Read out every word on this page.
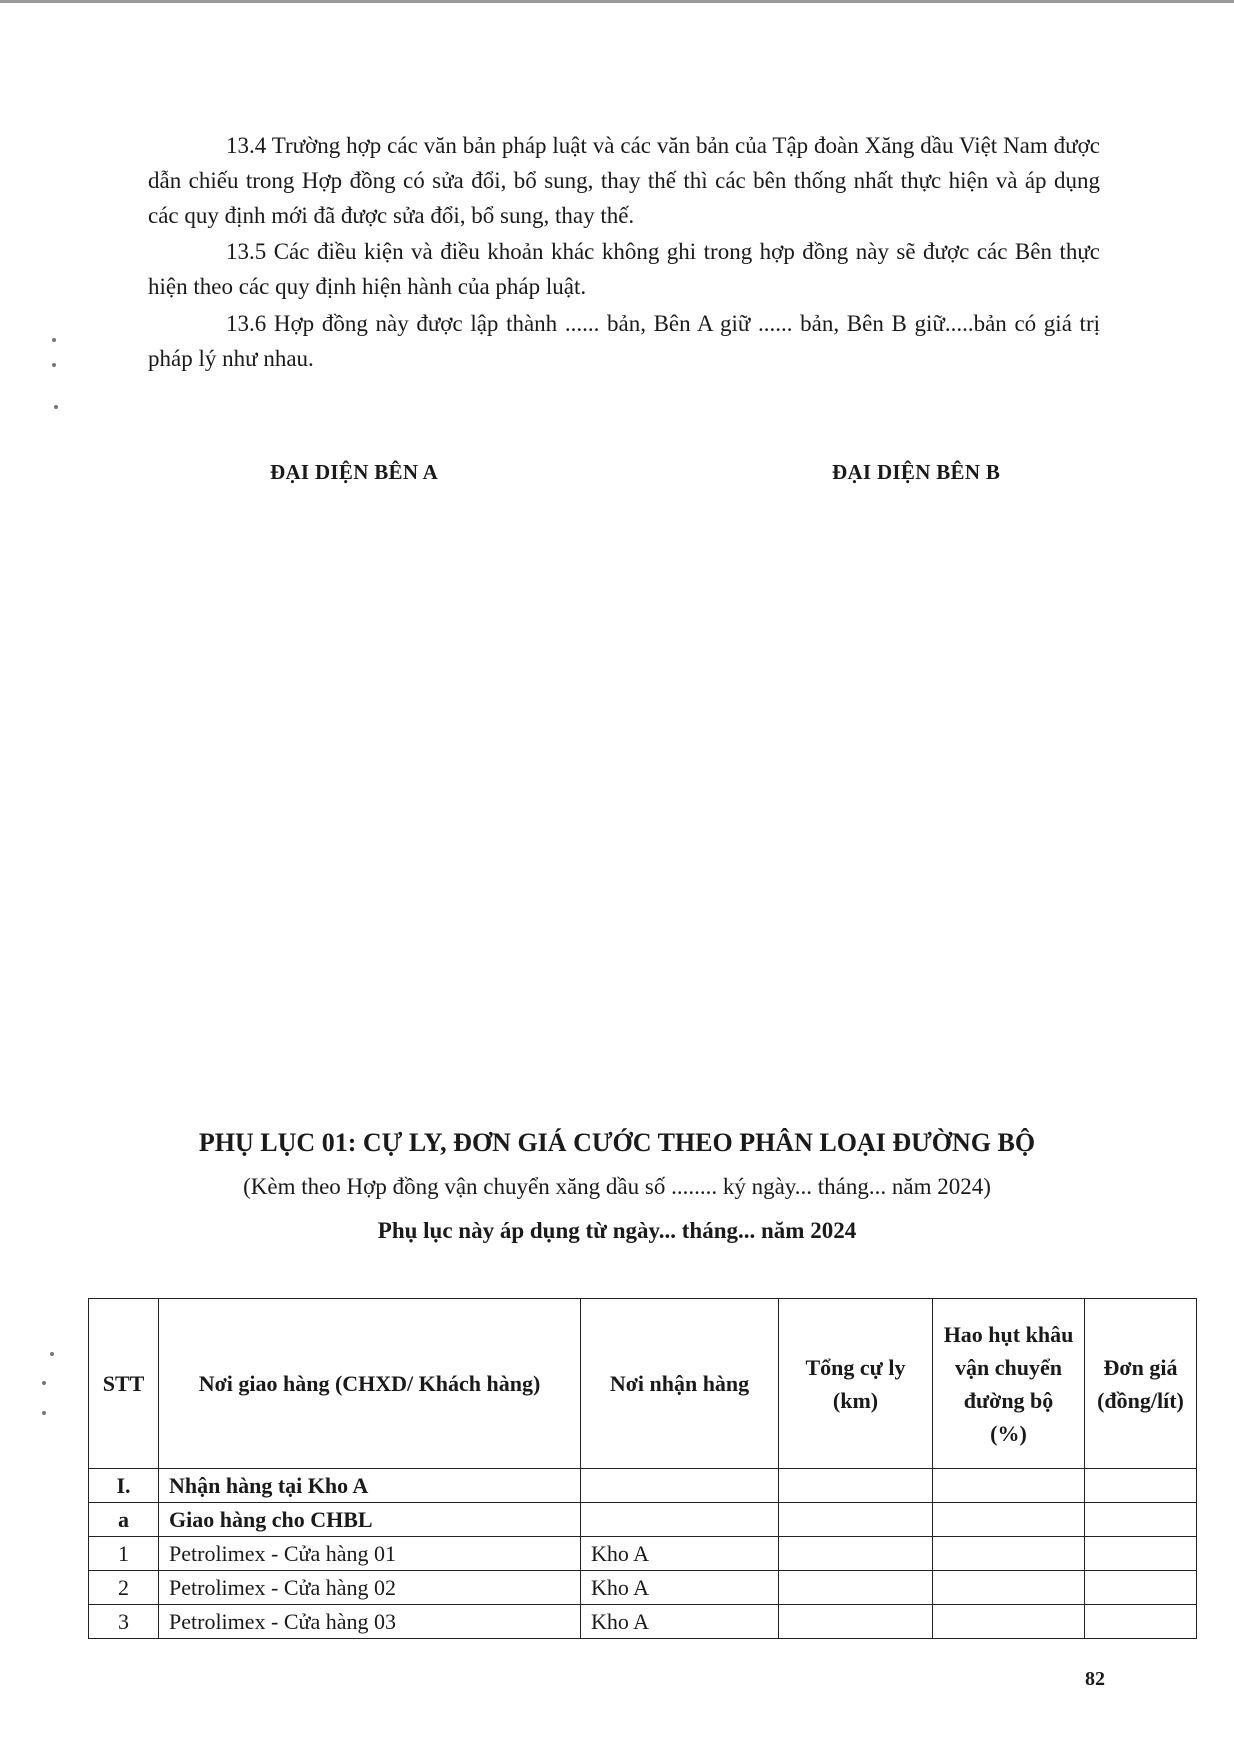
13.4 Trường hợp các văn bản pháp luật và các văn bản của Tập đoàn Xăng dầu Việt Nam được dẫn chiếu trong Hợp đồng có sửa đổi, bổ sung, thay thế thì các bên thống nhất thực hiện và áp dụng các quy định mới đã được sửa đổi, bổ sung, thay thế.

13.5 Các điều kiện và điều khoản khác không ghi trong hợp đồng này sẽ được các Bên thực hiện theo các quy định hiện hành của pháp luật.

13.6 Hợp đồng này được lập thành ...... bản, Bên A giữ ...... bản, Bên B giữ.....bản có giá trị pháp lý như nhau.

ĐẠI DIỆN BÊN A	ĐẠI DIỆN BÊN B
PHỤ LỤC 01: CỰ LY, ĐƠN GIÁ CƯỚC THEO PHÂN LOẠI ĐƯỜNG BỘ
(Kèm theo Hợp đồng vận chuyển xăng dầu số ........ ký ngày... tháng... năm 2024)
Phụ lục này áp dụng từ ngày... tháng... năm 2024
STT	Nơi giao hàng (CHXD/ Khách hàng)	Nơi nhận hàng	Tổng cự ly (km)	Hao hụt khâu vận chuyển đường bộ (%)	Đơn giá (đồng/lít)
I.	Nhận hàng tại Kho A				
a	Giao hàng cho CHBL				
1	Petrolimex - Cửa hàng 01	Kho A			
2	Petrolimex - Cửa hàng 02	Kho A			
3	Petrolimex - Cửa hàng 03	Kho A			
82
